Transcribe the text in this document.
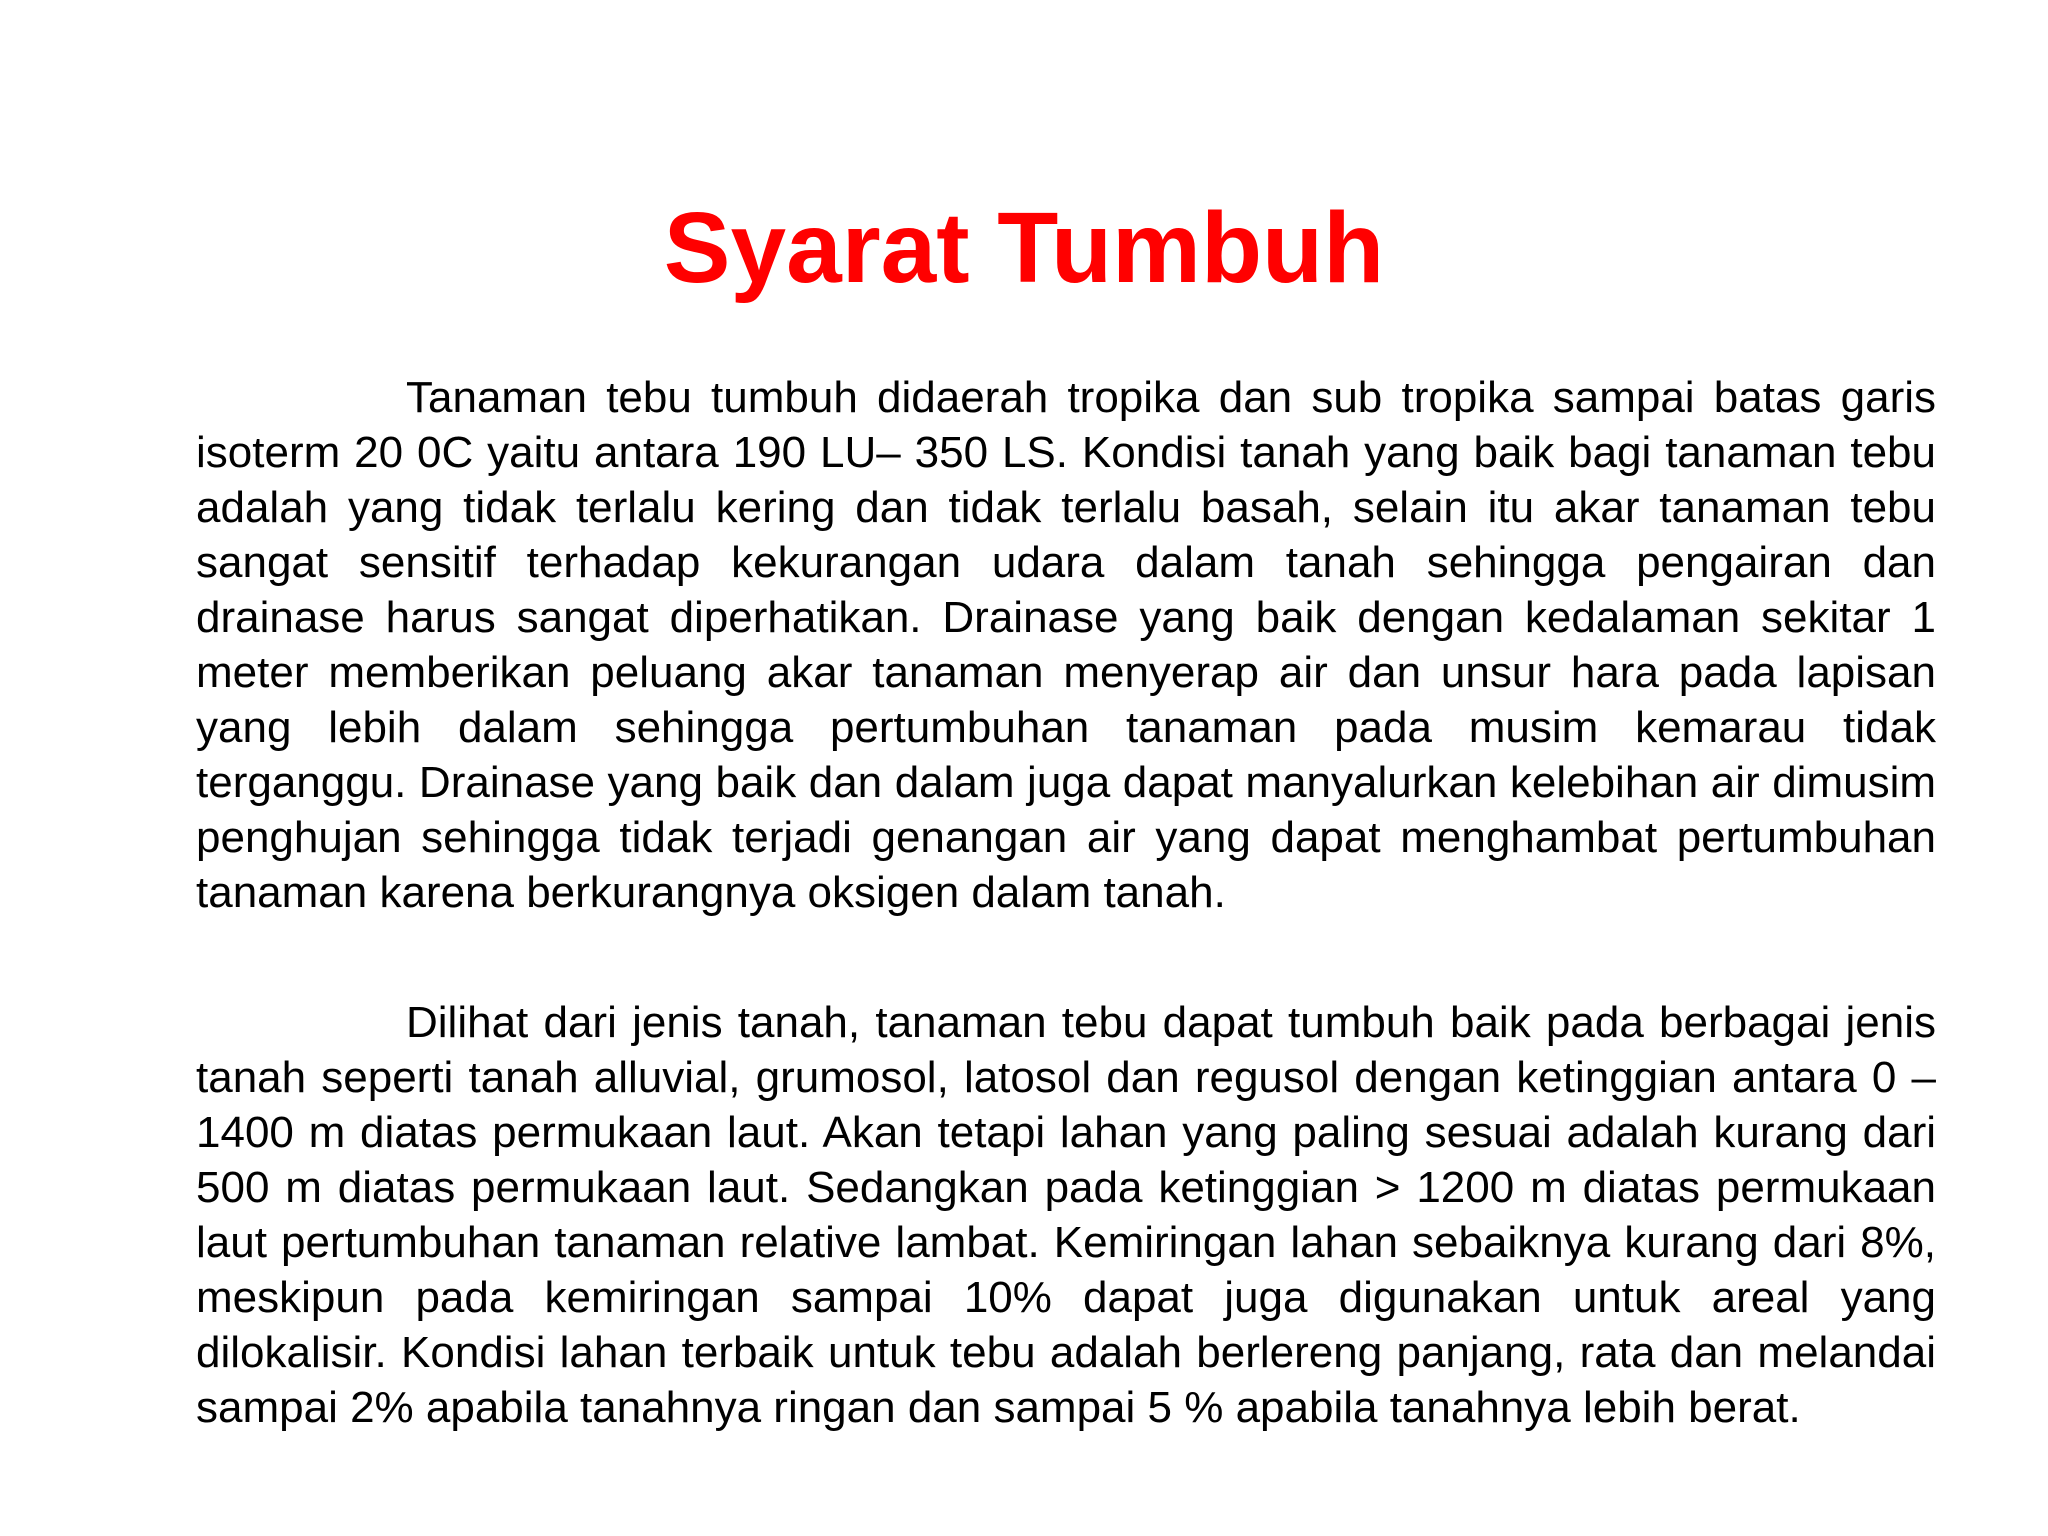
Syarat Tumbuh

Tanaman tebu tumbuh didaerah tropika dan sub tropika sampai batas garis isoterm 20 0C yaitu antara 190 LU– 350 LS. Kondisi tanah yang baik bagi tanaman tebu adalah yang tidak terlalu kering dan tidak terlalu basah, selain itu akar tanaman tebu sangat sensitif terhadap kekurangan udara dalam tanah sehingga pengairan dan drainase harus sangat diperhatikan. Drainase yang baik dengan kedalaman sekitar 1 meter memberikan peluang akar tanaman menyerap air dan unsur hara pada lapisan yang lebih dalam sehingga pertumbuhan tanaman pada musim kemarau tidak terganggu. Drainase yang baik dan dalam juga dapat manyalurkan kelebihan air dimusim penghujan sehingga tidak terjadi genangan air yang dapat menghambat pertumbuhan tanaman karena berkurangnya oksigen dalam tanah.

Dilihat dari jenis tanah, tanaman tebu dapat tumbuh baik pada berbagai jenis tanah seperti tanah alluvial, grumosol, latosol dan regusol dengan ketinggian antara 0 – 1400 m diatas permukaan laut. Akan tetapi lahan yang paling sesuai adalah kurang dari 500 m diatas permukaan laut. Sedangkan pada ketinggian > 1200 m diatas permukaan laut pertumbuhan tanaman relative lambat. Kemiringan lahan sebaiknya kurang dari 8%, meskipun pada kemiringan sampai 10% dapat juga digunakan untuk areal yang dilokalisir. Kondisi lahan terbaik untuk tebu adalah berlereng panjang, rata dan melandai sampai 2% apabila tanahnya ringan dan sampai 5 % apabila tanahnya lebih berat.
